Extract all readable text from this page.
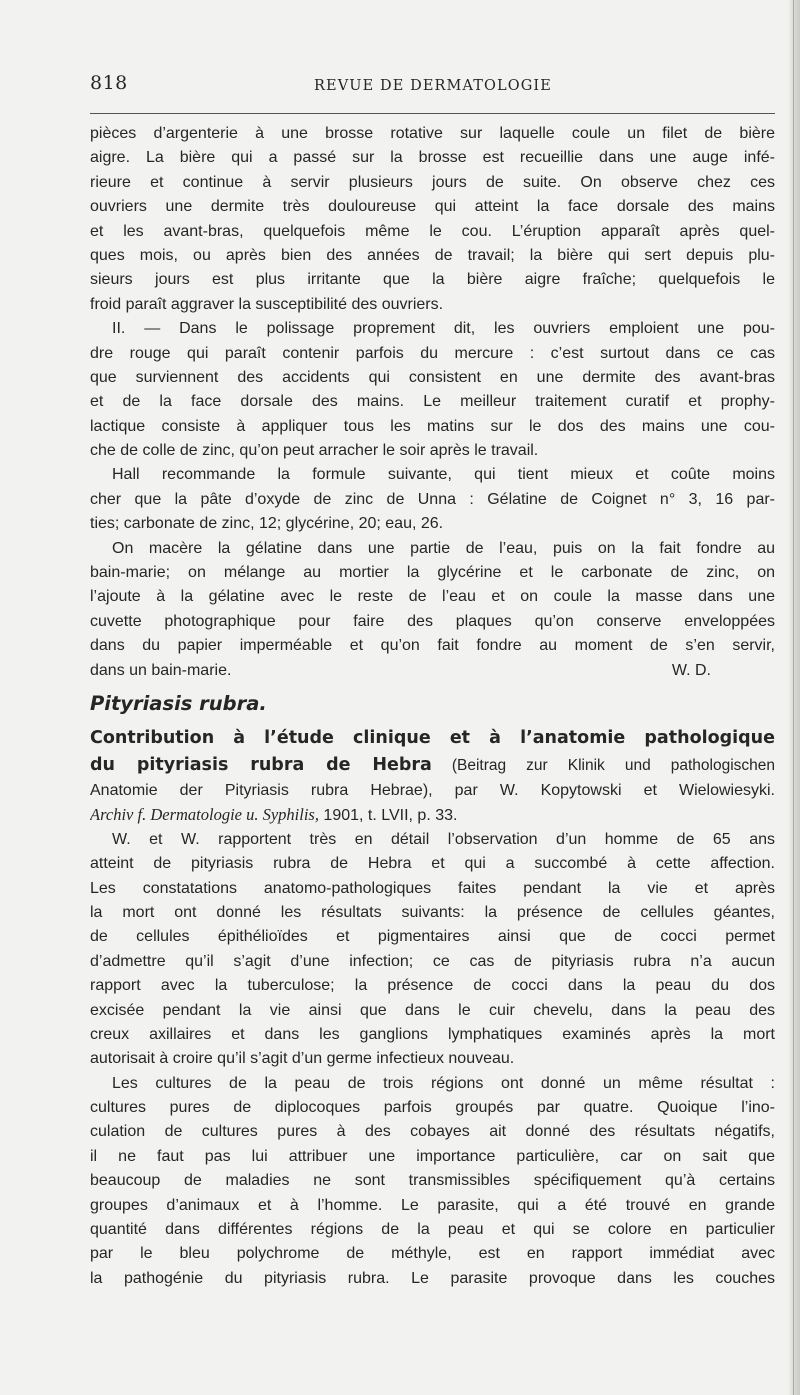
818	REVUE DE DERMATOLOGIE
pièces d’argenterie à une brosse rotative sur laquelle coule un filet de bière
aigre. La bière qui a passé sur la brosse est recueillie dans une auge infé-
rieure et continue à servir plusieurs jours de suite. On observe chez ces
ouvriers une dermite très douloureuse qui atteint la face dorsale des mains
et les avant-bras, quelquefois même le cou. L’éruption apparaît après quel-
ques mois, ou après bien des années de travail; la bière qui sert depuis plu-
sieurs jours est plus irritante que la bière aigre fraîche; quelquefois le
froid paraît aggraver la susceptibilité des ouvriers.
II. — Dans le polissage proprement dit, les ouvriers emploient une pou-
dre rouge qui paraît contenir parfois du mercure : c’est surtout dans ce cas
que surviennent des accidents qui consistent en une dermite des avant-bras
et de la face dorsale des mains. Le meilleur traitement curatif et prophy-
lactique consiste à appliquer tous les matins sur le dos des mains une cou-
che de colle de zinc, qu’on peut arracher le soir après le travail.
Hall recommande la formule suivante, qui tient mieux et coûte moins
cher que la pâte d’oxyde de zinc de Unna : Gélatine de Coignet n° 3, 16 par-
ties; carbonate de zinc, 12; glycérine, 20; eau, 26.
On macère la gélatine dans une partie de l’eau, puis on la fait fondre au
bain-marie; on mélange au mortier la glycérine et le carbonate de zinc, on
l’ajoute à la gélatine avec le reste de l’eau et on coule la masse dans une
cuvette photographique pour faire des plaques qu’on conserve enveloppées
dans du papier imperméable et qu’on fait fondre au moment de s’en servir,
dans un bain-marie.	W. D.
Pityriasis rubra.
Contribution à l’étude clinique et à l’anatomie pathologique
du pityriasis rubra de Hebra (Beitrag zur Klinik und pathologischen
Anatomie der Pityriasis rubra Hebrae), par W. Kopytowski et Wielowiesyki.
Archiv f. Dermatologie u. Syphilis, 1901, t. LVII, p. 33.
W. et W. rapportent très en détail l’observation d’un homme de 65 ans
atteint de pityriasis rubra de Hebra et qui a succombé à cette affection.
Les constatations anatomo-pathologiques faites pendant la vie et après
la mort ont donné les résultats suivants: la présence de cellules géantes,
de cellules épithélioïdes et pigmentaires ainsi que de cocci permet
d’admettre qu’il s’agit d’une infection; ce cas de pityriasis rubra n’a aucun
rapport avec la tuberculose; la présence de cocci dans la peau du dos
excisée pendant la vie ainsi que dans le cuir chevelu, dans la peau des
creux axillaires et dans les ganglions lymphatiques examinés après la mort
autorisait à croire qu’il s’agit d’un germe infectieux nouveau.
Les cultures de la peau de trois régions ont donné un même résultat :
cultures pures de diplocoques parfois groupés par quatre. Quoique l’ino-
culation de cultures pures à des cobayes ait donné des résultats négatifs,
il ne faut pas lui attribuer une importance particulière, car on sait que
beaucoup de maladies ne sont transmissibles spécifiquement qu’à certains
groupes d’animaux et à l’homme. Le parasite, qui a été trouvé en grande
quantité dans différentes régions de la peau et qui se colore en particulier
par le bleu polychrome de méthyle, est en rapport immédiat avec
la pathogénie du pityriasis rubra. Le parasite provoque dans les couches
